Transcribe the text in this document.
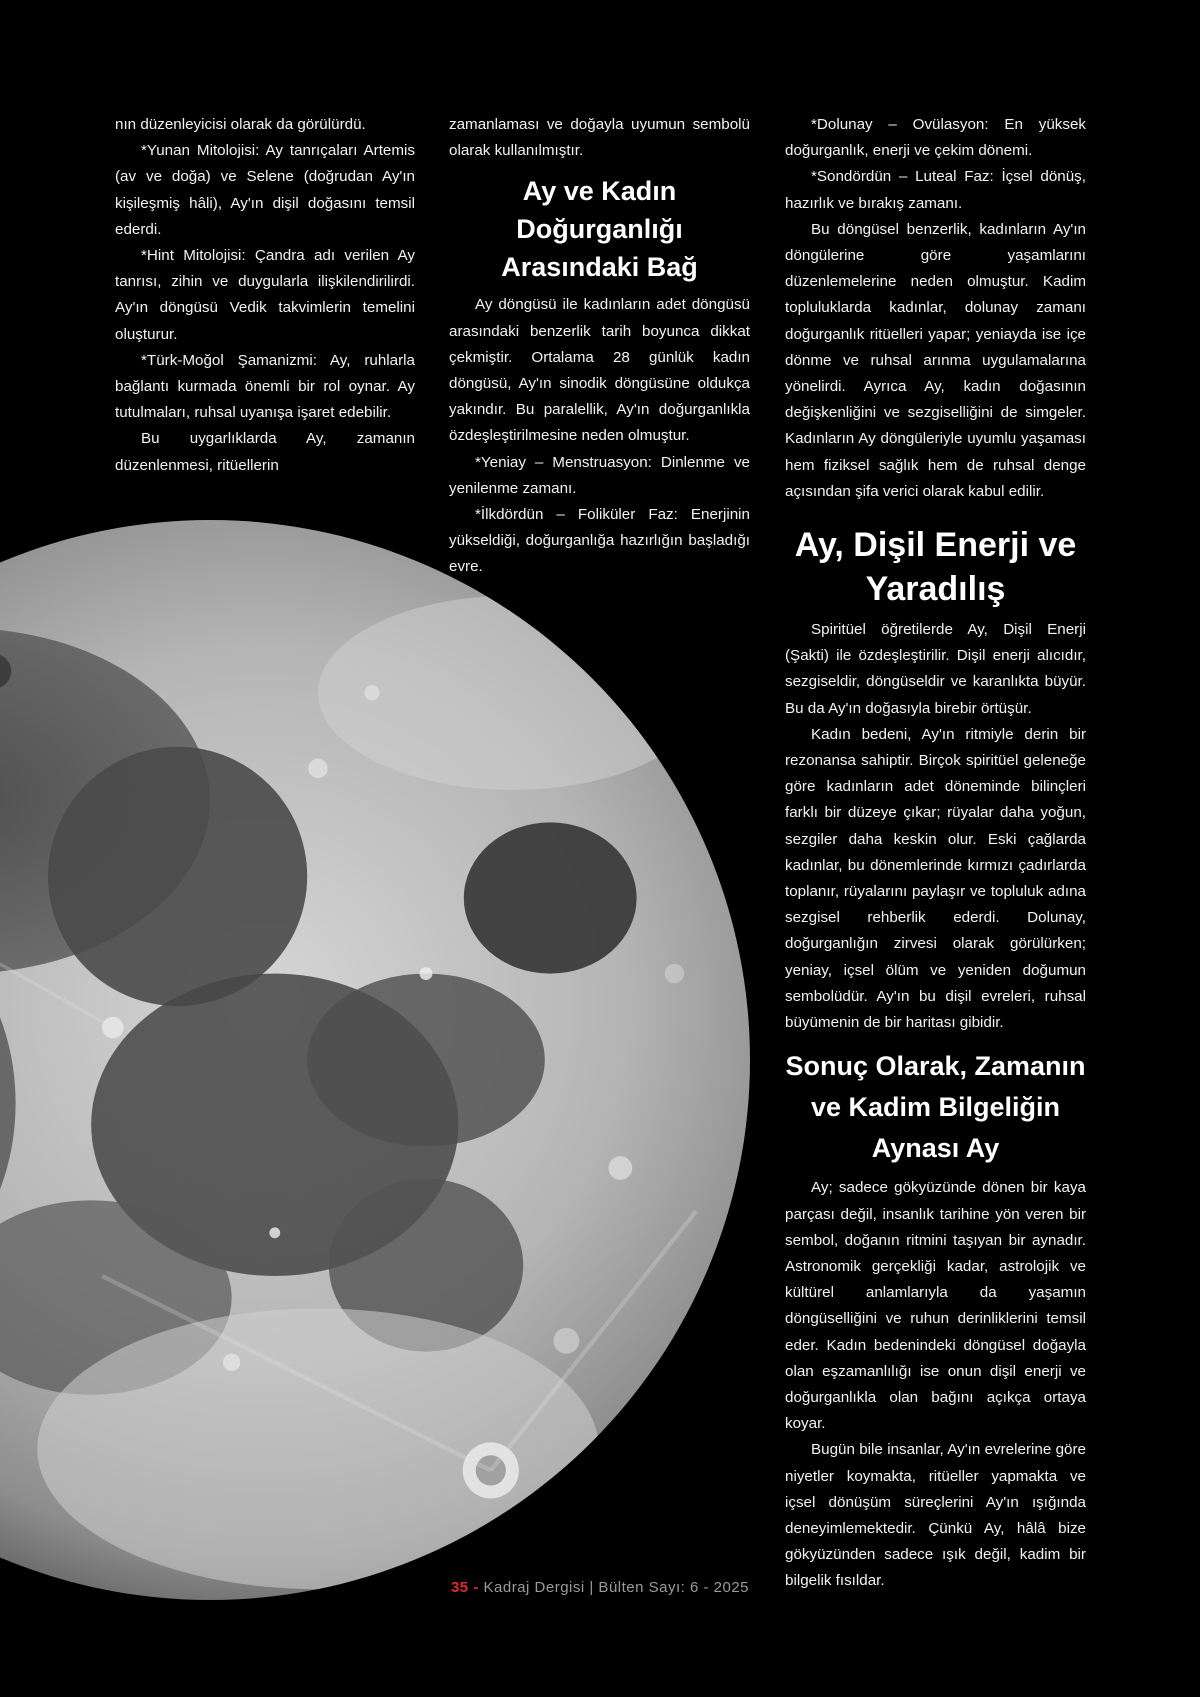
nın düzenleyicisi olarak da görülürdü.

*Yunan Mitolojisi: Ay tanrıçaları Artemis (av ve doğa) ve Selene (doğrudan Ay'ın kişileşmiş hâli), Ay'ın dişil doğasını temsil ederdi.

*Hint Mitolojisi: Çandra adı verilen Ay tanrısı, zihin ve duygularla ilişkilendirilirdi. Ay'ın döngüsü Vedik takvimlerin temelini oluşturur.

*Türk-Moğol Şamanizmi: Ay, ruhlarla bağlantı kurmada önemli bir rol oynar. Ay tutulmaları, ruhsal uyanışa işaret edebilir.

Bu uygarlıklarda Ay, zamanın düzenlenmesi, ritüellerin

zamanlaması ve doğayla uyumun sembolü olarak kullanılmıştır.

Ay ve Kadın Doğurganlığı Arasındaki Bağ

Ay döngüsü ile kadınların adet döngüsü arasındaki benzerlik tarih boyunca dikkat çekmiştir. Ortalama 28 günlük kadın döngüsü, Ay'ın sinodik döngüsüne oldukça yakındır. Bu paralellik, Ay'ın doğurganlıkla özdeşleştirilmesine neden olmuştur.

*Yeniay – Menstruasyon: Dinlenme ve yenilenme zamanı.

*İlkdördün – Foliküler Faz: Enerjinin yükseldiği, doğurganlığa hazırlığın başladığı evre.

*Dolunay – Ovülasyon: En yüksek doğurganlık, enerji ve çekim dönemi.

*Sondördün – Luteal Faz: İçsel dönüş, hazırlık ve bırakış zamanı.

Bu döngüsel benzerlik, kadınların Ay'ın döngülerine göre yaşamlarını düzenlemelerine neden olmuştur. Kadim topluluklarda kadınlar, dolunay zamanı doğurganlık ritüelleri yapar; yeniayda ise içe dönme ve ruhsal arınma uygulamalarına yönelirdi. Ayrıca Ay, kadın doğasının değişkenliğini ve sezgiselliğini de simgeler. Kadınların Ay döngüleriyle uyumlu yaşaması hem fiziksel sağlık hem de ruhsal denge açısından şifa verici olarak kabul edilir.

Ay, Dişil Enerji ve Yaradılış

Spiritüel öğretilerde Ay, Dişil Enerji (Şakti) ile özdeşleştirilir. Dişil enerji alıcıdır, sezgiseldir, döngüseldir ve karanlıkta büyür. Bu da Ay'ın doğasıyla birebir örtüşür.

Kadın bedeni, Ay'ın ritmiyle derin bir rezonansa sahiptir. Birçok spiritüel geleneğe göre kadınların adet döneminde bilinçleri farklı bir düzeye çıkar; rüyalar daha yoğun, sezgiler daha keskin olur. Eski çağlarda kadınlar, bu dönemlerinde kırmızı çadırlarda toplanır, rüyalarını paylaşır ve topluluk adına sezgisel rehberlik ederdi. Dolunay, doğurganlığın zirvesi olarak görülürken; yeniay, içsel ölüm ve yeniden doğumun sembolüdür. Ay'ın bu dişil evreleri, ruhsal büyümenin de bir haritası gibidir.

Sonuç Olarak, Zamanın ve Kadim Bilgeliğin Aynası Ay

Ay; sadece gökyüzünde dönen bir kaya parçası değil, insanlık tarihine yön veren bir sembol, doğanın ritmini taşıyan bir aynadır. Astronomik gerçekliği kadar, astrolojik ve kültürel anlamlarıyla da yaşamın döngüselliğini ve ruhun derinliklerini temsil eder. Kadın bedenindeki döngüsel doğayla olan eşzamanlılığı ise onun dişil enerji ve doğurganlıkla olan bağını açıkça ortaya koyar.

Bugün bile insanlar, Ay'ın evrelerine göre niyetler koymakta, ritüeller yapmakta ve içsel dönüşüm süreçlerini Ay'ın ışığında deneyimlemektedir. Çünkü Ay, hâlâ bize gökyüzünden sadece ışık değil, kadim bir bilgelik fısıldar.

35 - Kadraj Dergisi | Bülten Sayı: 6 - 2025
